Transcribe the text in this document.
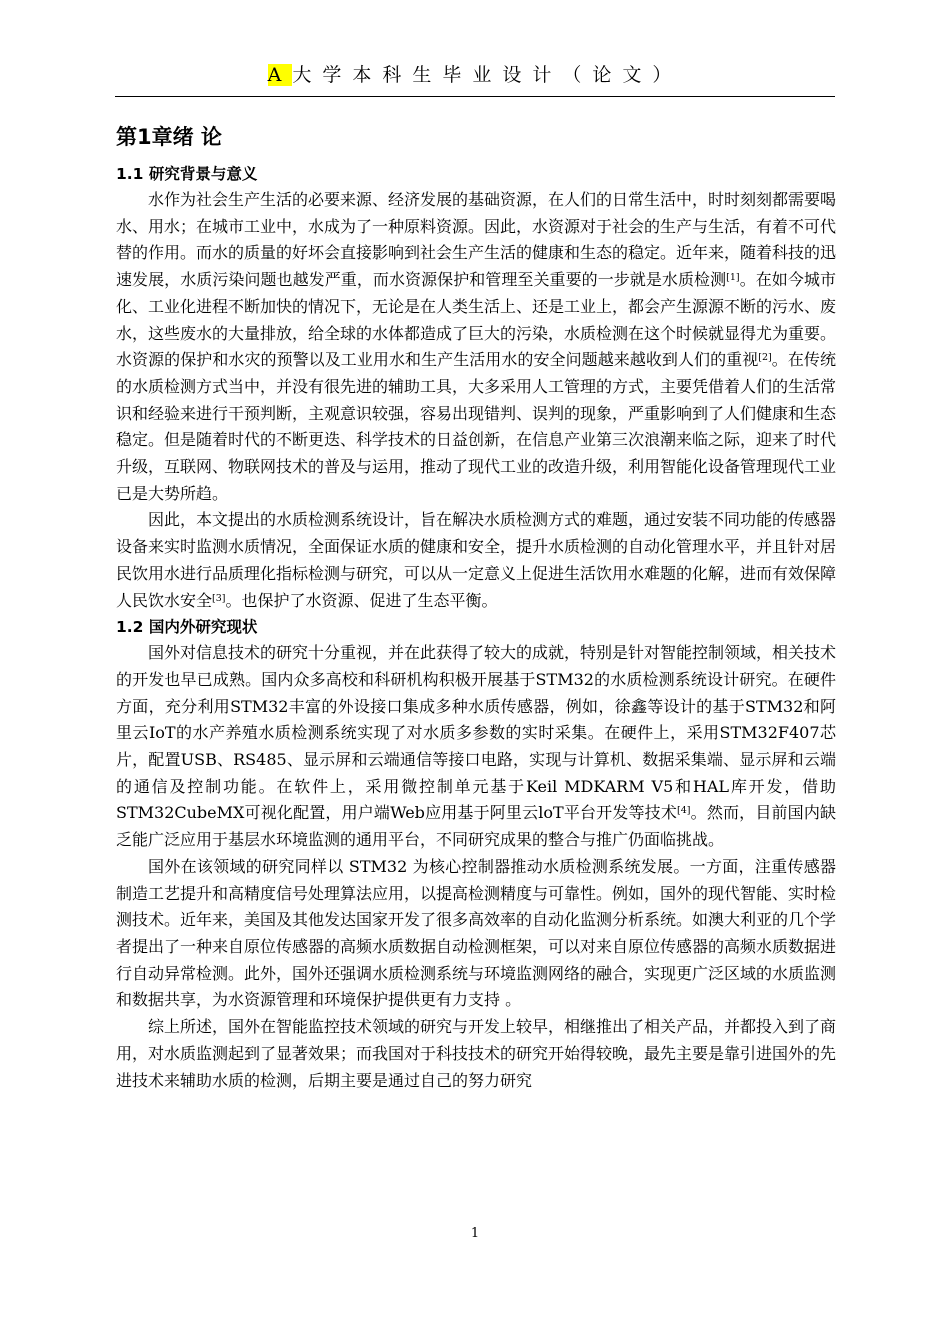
A大学本科生毕业设计（论文）
第1章绪 论
1.1 研究背景与意义

水作为社会生产生活的必要来源、经济发展的基础资源，在人们的日常生活中，时时刻刻都需要喝水、用水；在城市工业中，水成为了一种原料资源。因此，水资源对于社会的生产与生活，有着不可代替的作用。而水的质量的好坏会直接影响到社会生产生活的健康和生态的稳定。近年来，随着科技的迅速发展，水质污染问题也越发严重，而水资源保护和管理至关重要的一步就是水质检测[1]。在如今城市化、工业化进程不断加快的情况下，无论是在人类生活上、还是工业上，都会产生源源不断的污水、废水，这些废水的大量排放，给全球的水体都造成了巨大的污染，水质检测在这个时候就显得尤为重要。水资源的保护和水灾的预警以及工业用水和生产生活用水的安全问题越来越收到人们的重视[2]。在传统的水质检测方式当中，并没有很先进的辅助工具，大多采用人工管理的方式，主要凭借着人们的生活常识和经验来进行干预判断，主观意识较强，容易出现错判、误判的现象，严重影响到了人们健康和生态稳定。但是随着时代的不断更迭、科学技术的日益创新，在信息产业第三次浪潮来临之际，迎来了时代升级，互联网、物联网技术的普及与运用，推动了现代工业的改造升级，利用智能化设备管理现代工业已是大势所趋。

因此，本文提出的水质检测系统设计，旨在解决水质检测方式的难题，通过安装不同功能的传感器设备来实时监测水质情况，全面保证水质的健康和安全，提升水质检测的自动化管理水平，并且针对居民饮用水进行品质理化指标检测与研究，可以从一定意义上促进生活饮用水难题的化解，进而有效保障人民饮水安全[3]。也保护了水资源、促进了生态平衡。

1.2 国内外研究现状

国外对信息技术的研究十分重视，并在此获得了较大的成就，特别是针对智能控制领域，相关技术的开发也早已成熟。国内众多高校和科研机构积极开展基于STM32的水质检测系统设计研究。在硬件方面，充分利用STM32丰富的外设接口集成多种水质传感器，例如，徐鑫等设计的基于STM32和阿里云IoT的水产养殖水质检测系统实现了对水质多参数的实时采集。在硬件上，采用STM32F407芯片，配置USB、RS485、显示屏和云端通信等接口电路，实现与计算机、数据采集端、显示屏和云端的通信及控制功能。在软件上，采用微控制单元基于Keil MDKARM V5和HAL库开发，借助STM32CubeMX可视化配置，用户端Web应用基于阿里云loT平台开发等技术[4]。然而，目前国内缺乏能广泛应用于基层水环境监测的通用平台，不同研究成果的整合与推广仍面临挑战。

国外在该领域的研究同样以 STM32 为核心控制器推动水质检测系统发展。一方面，注重传感器制造工艺提升和高精度信号处理算法应用，以提高检测精度与可靠性。例如，国外的现代智能、实时检测技术。近年来，美国及其他发达国家开发了很多高效率的自动化监测分析系统。如澳大利亚的几个学者提出了一种来自原位传感器的高频水质数据自动检测框架，可以对来自原位传感器的高频水质数据进行自动异常检测。此外，国外还强调水质检测系统与环境监测网络的融合，实现更广泛区域的水质监测和数据共享，为水资源管理和环境保护提供更有力支持 。

综上所述，国外在智能监控技术领域的研究与开发上较早，相继推出了相关产品，并都投入到了商用，对水质监测起到了显著效果；而我国对于科技技术的研究开始得较晚，最先主要是靠引进国外的先进技术来辅助水质的检测，后期主要是通过自己的努力研究

1
